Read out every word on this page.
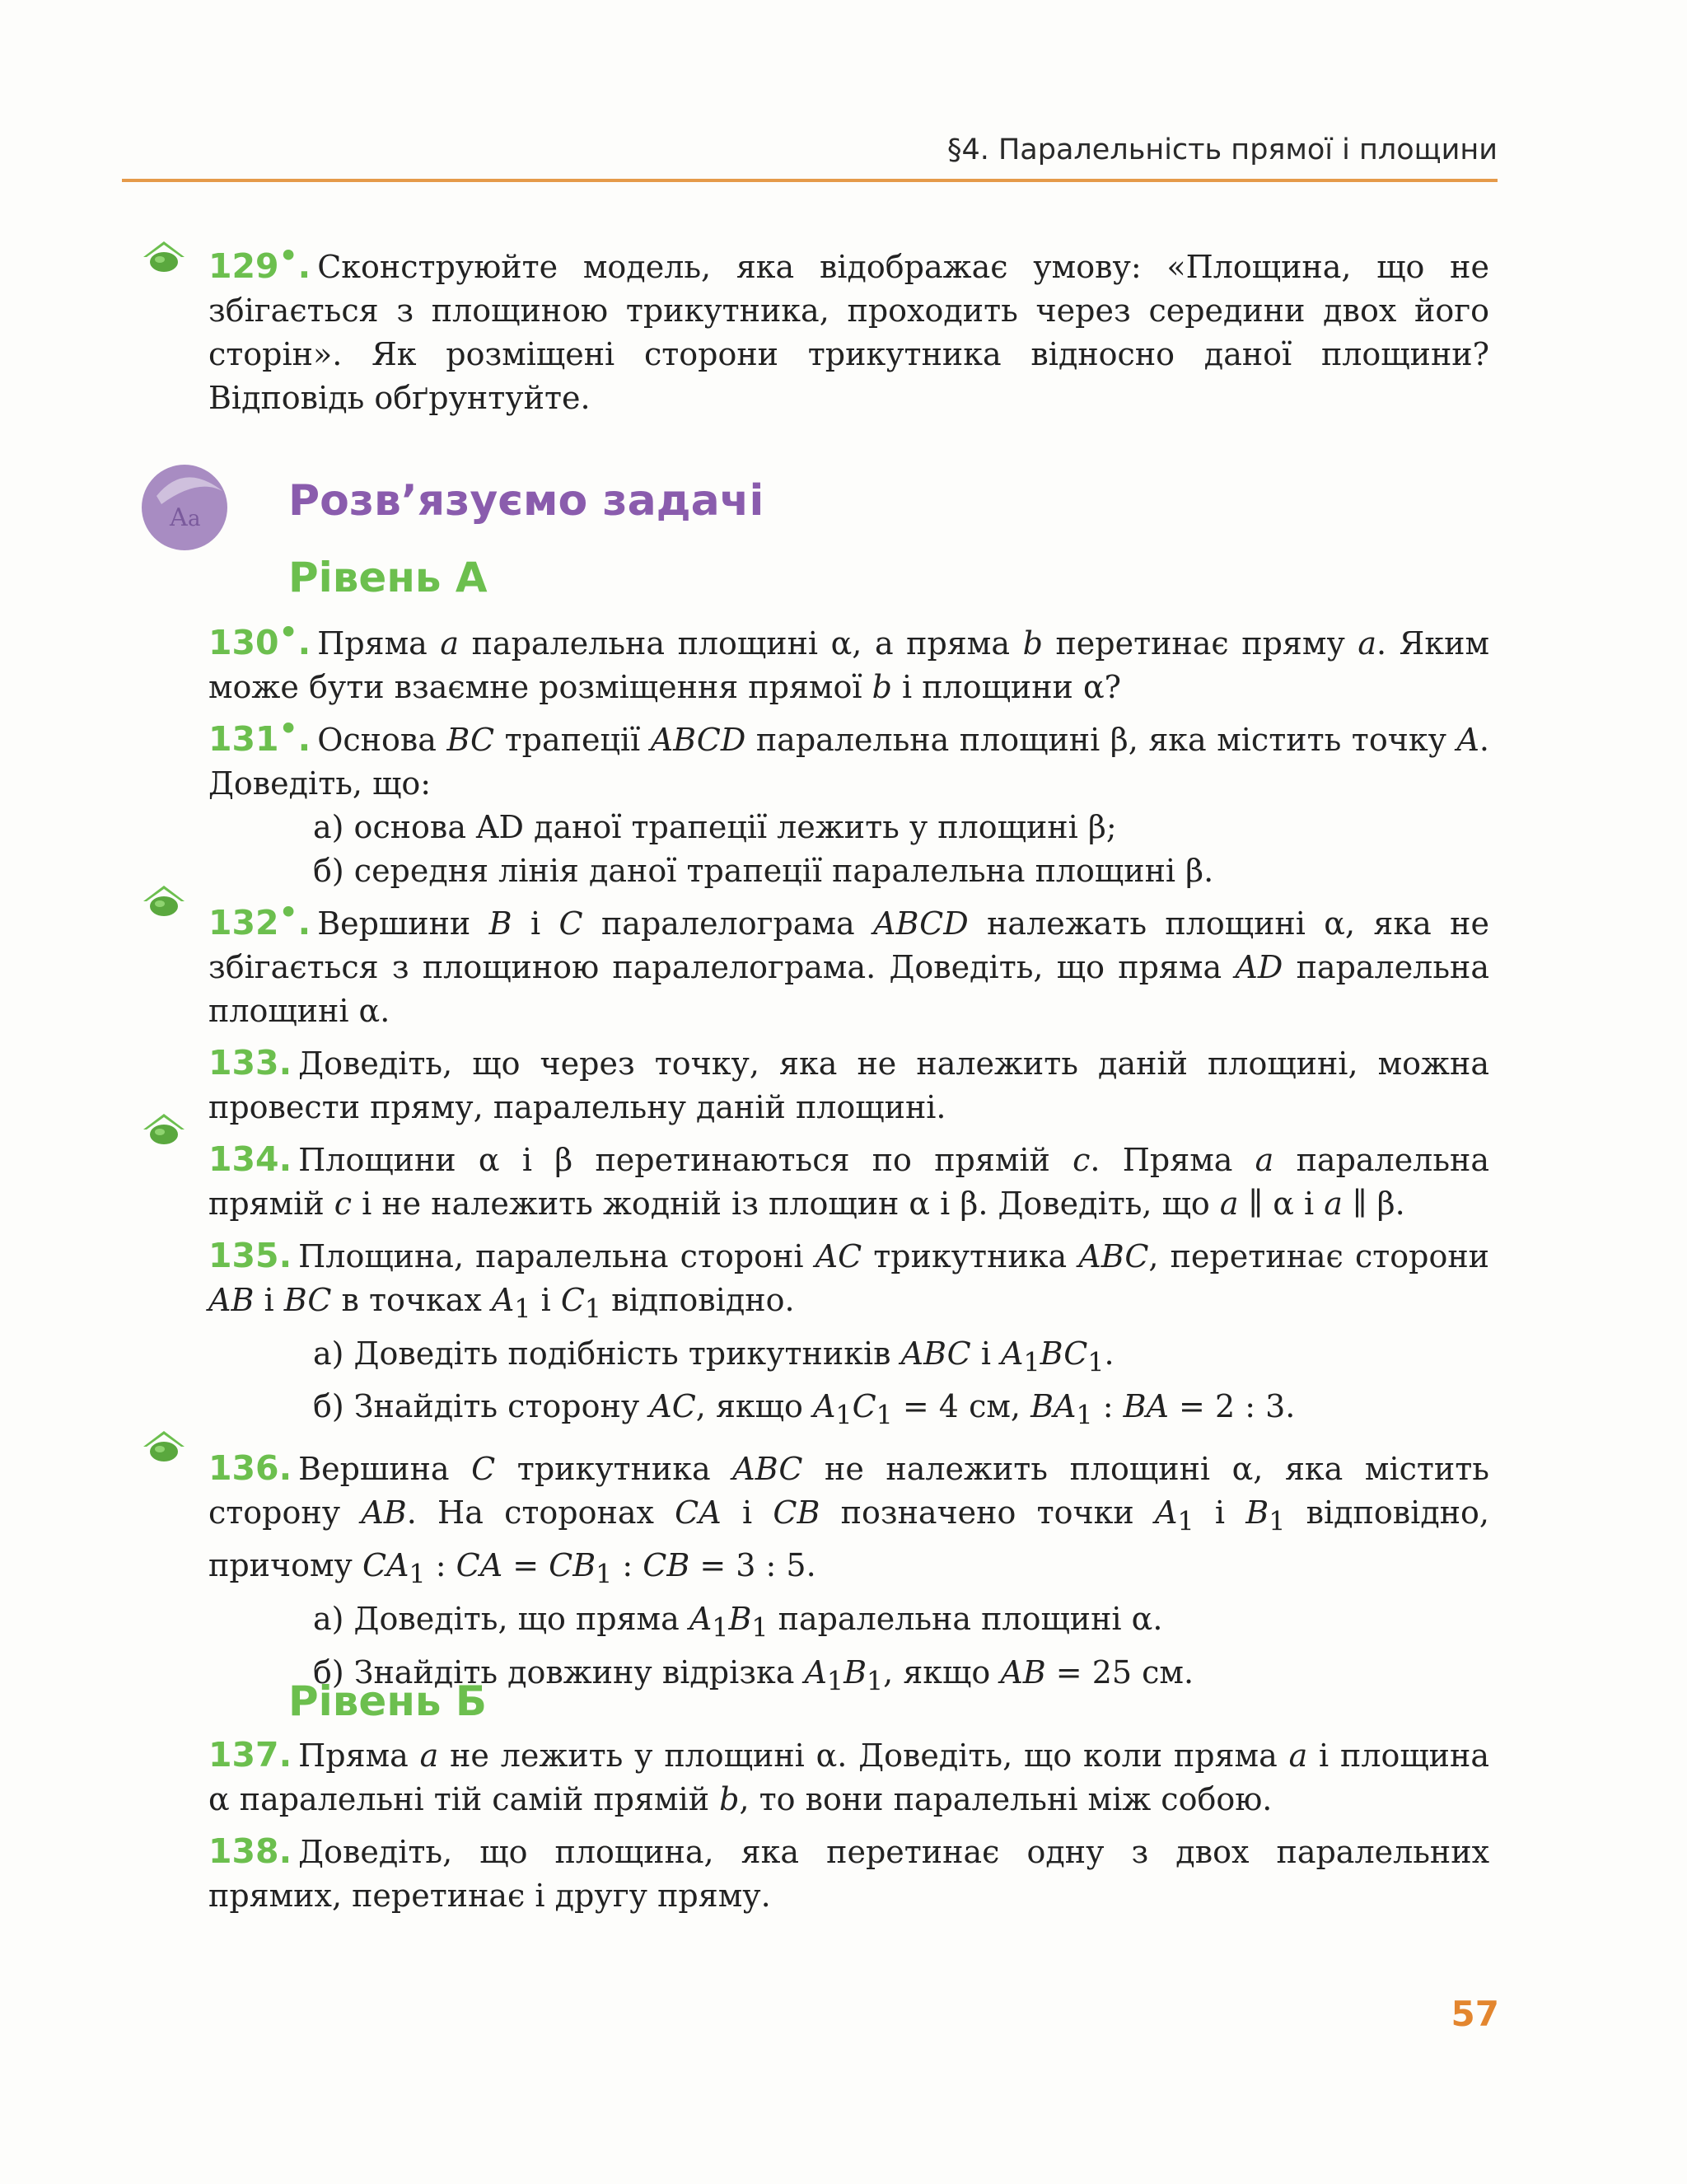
§4. Паралельність прямої і площини

129•. Сконструюйте модель, яка відображає умову: «Площина, що не збігається з площиною трикутника, проходить через середини двох його сторін». Як розміщені сторони трикутника відносно даної площини? Відповідь обґрунтуйте.

A a Розв’язуємо задачі
Рівень А

130•. Пряма a паралельна площині α, а пряма b перетинає пряму a. Яким може бути взаємне розміщення прямої b і площини α?

131•. Основа BC трапеції ABCD паралельна площині β, яка містить точку A. Доведіть, що:

а) основа AD даної трапеції лежить у площині β;
б) середня лінія даної трапеції паралельна площині β.

132•. Вершини B і C паралелограма ABCD належать площині α, яка не збігається з площиною паралелограма. Доведіть, що пряма AD паралельна площині α.

133. Доведіть, що через точку, яка не належить даній площині, можна провести пряму, паралельну даній площині.

134. Площини α і β перетинаються по прямій c. Пряма a паралельна прямій c і не належить жодній із площин α і β. Доведіть, що a ∥ α і a ∥ β.

135. Площина, паралельна стороні AC трикутника ABC, перетинає сторони AB і BC в точках $A_1$ і $C_1$ відповідно.

а) Доведіть подібність трикутників ABC і $A_1BC_1$.
б) Знайдіть сторону AC, якщо $A_1C_1 = 4$ см, $BA_1$ : BA = 2 : 3.

136. Вершина C трикутника ABC не належить площині α, яка містить сторону AB. На сторонах CA і CB позначено точки $A_1$ і $B_1$ відповідно, причому $CA_1$ : CA = $CB_1$ : CB = 3 : 5.

а) Доведіть, що пряма $A_1B_1$ паралельна площині α.
б) Знайдіть довжину відрізка $A_1B_1$, якщо AB = 25 см.
Рівень Б

137. Пряма a не лежить у площині α. Доведіть, що коли пряма a і площина α паралельні тій самій прямій b, то вони паралельні між собою.

138. Доведіть, що площина, яка перетинає одну з двох паралельних прямих, перетинає і другу пряму.

57
